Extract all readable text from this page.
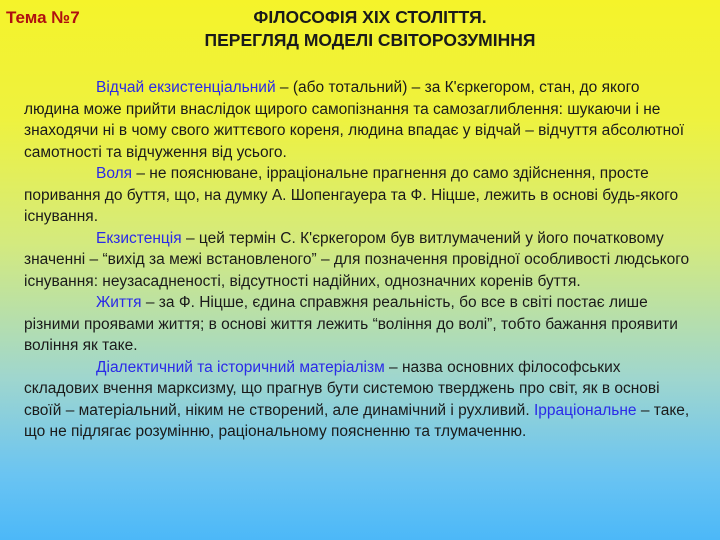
Тема №7	ФІЛОСОФІЯ ХІХ СТОЛІТТЯ.
ПЕРЕГЛЯД МОДЕЛІ СВІТОРОЗУМІННЯ

Відчай екзистенціальний – (або тотальний) – за К'єркегором, стан, до якого людина може прийти внаслідок щирого самопізнання та самозаглиблення: шукаючи і не знаходячи ні в чому свого життєвого кореня, людина впадає у відчай – відчуття абсолютної самотності та відчуження від усього.

Воля – не пояснюване, ірраціональне прагнення до само здійснення, просте поривання до буття, що, на думку А. Шопенгауера та Ф. Ніцше, лежить в основі будь-якого існування.

Екзистенція – цей термін С. К'єркегором був витлумачений у його початковому значенні – “вихід за межі встановленого” – для позначення провідної особливості людського існування: неузасадненості, відсутності надійних, однозначних коренів буття.

Життя – за Ф. Ніцше, єдина справжня реальність, бо все в світі постає лише різними проявами життя; в основі життя лежить “воління до волі”, тобто бажання проявити воління як таке.

Діалектичний та історичний матеріалізм – назва основних філософських складових вчення марксизму, що прагнув бути системою тверджень про світ, як в основі своїй – матеріальний, ніким не створений, але динамічний і рухливий. Ірраціональне – таке, що не підлягає розумінню, раціональному поясненню та тлумаченню.
